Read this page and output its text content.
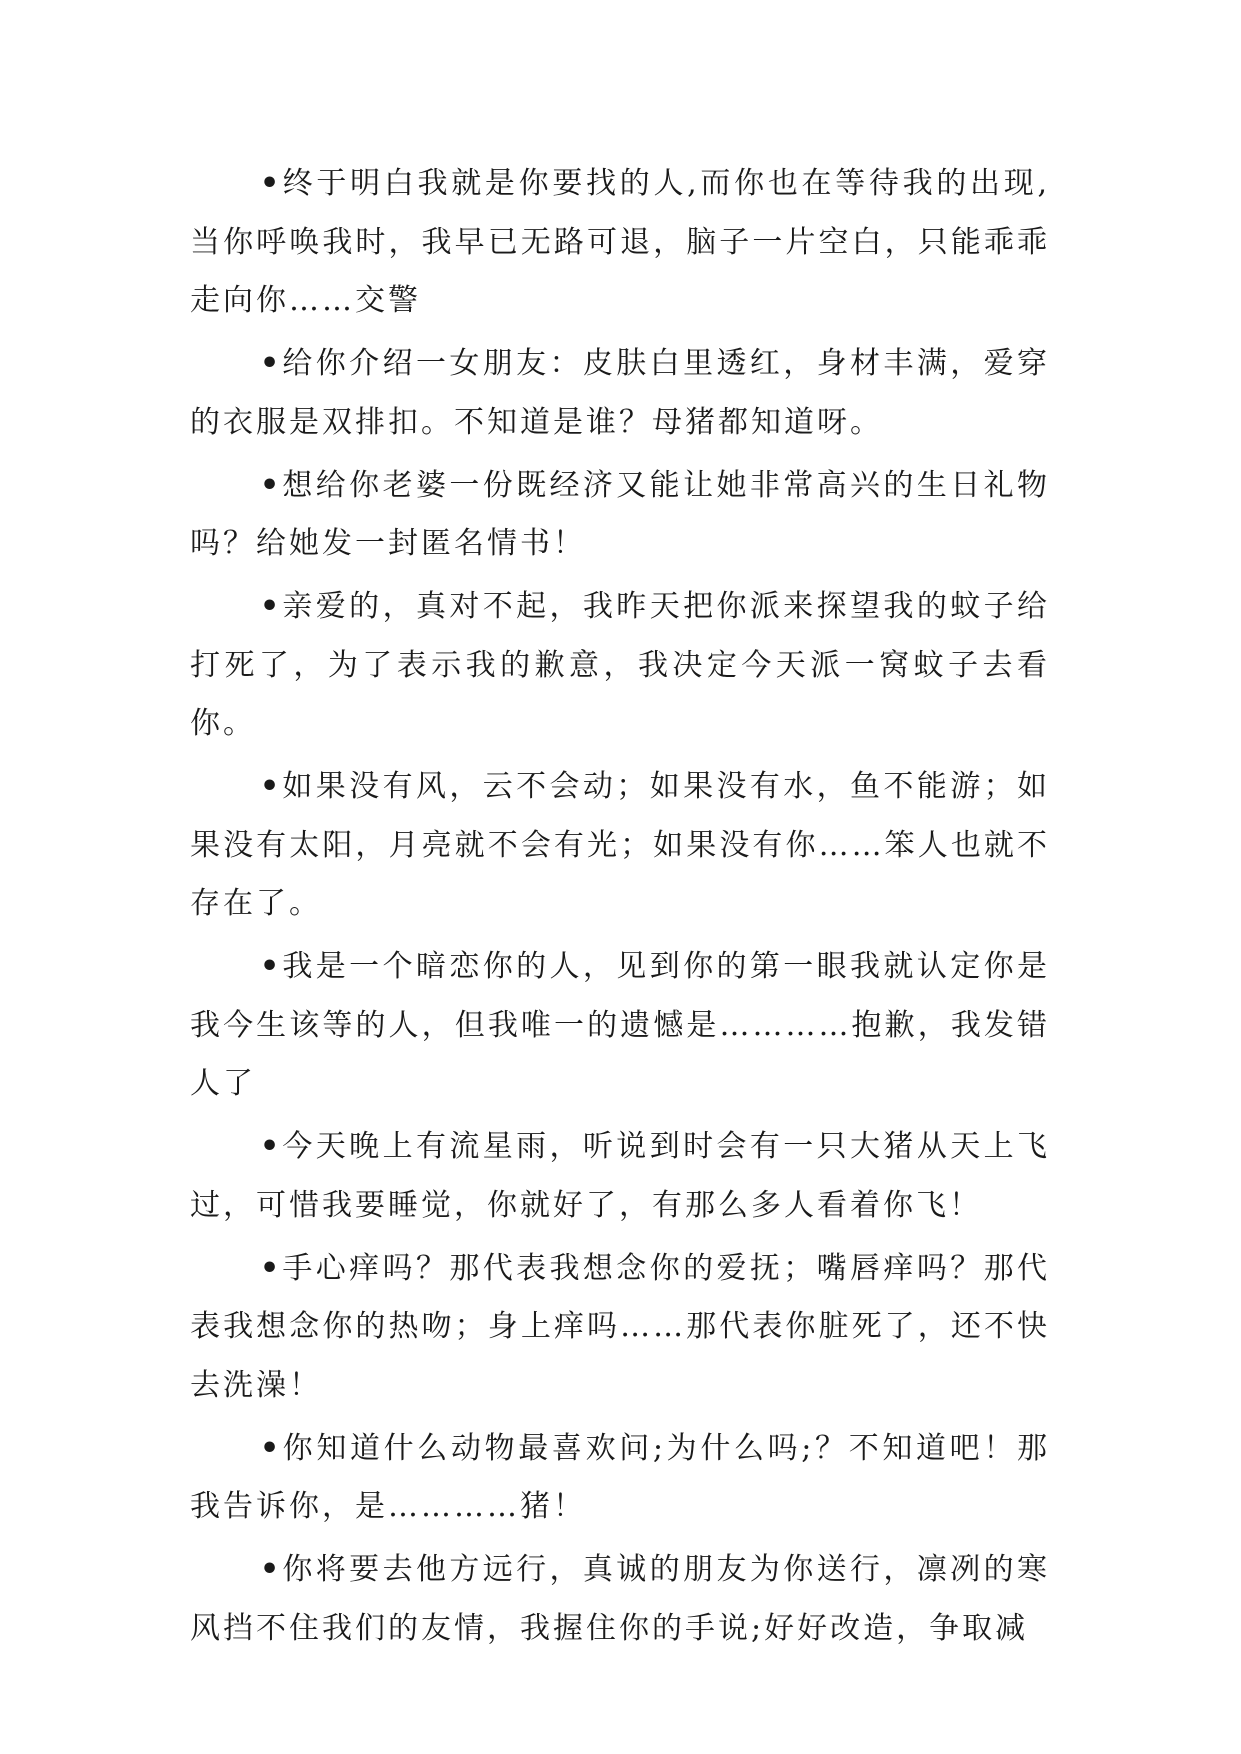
•终于明白我就是你要找的人,而你也在等待我的出现,当你呼唤我时，我早已无路可退，脑子一片空白，只能乖乖走向你……交警

•给你介绍一女朋友：皮肤白里透红，身材丰满，爱穿的衣服是双排扣。不知道是谁？母猪都知道呀。

•想给你老婆一份既经济又能让她非常高兴的生日礼物吗？给她发一封匿名情书！

•亲爱的，真对不起，我昨天把你派来探望我的蚊子给打死了，为了表示我的歉意，我决定今天派一窝蚊子去看你。

•如果没有风，云不会动；如果没有水，鱼不能游；如果没有太阳，月亮就不会有光；如果没有你……笨人也就不存在了。

•我是一个暗恋你的人，见到你的第一眼我就认定你是我今生该等的人，但我唯一的遗憾是…………抱歉，我发错人了

•今天晚上有流星雨，听说到时会有一只大猪从天上飞过，可惜我要睡觉，你就好了，有那么多人看着你飞！

•手心痒吗？那代表我想念你的爱抚；嘴唇痒吗？那代表我想念你的热吻；身上痒吗……那代表你脏死了，还不快去洗澡！

•你知道什么动物最喜欢问;为什么吗;？不知道吧！那我告诉你，是…………猪！

•你将要去他方远行，真诚的朋友为你送行，凛冽的寒风挡不住我们的友情，我握住你的手说;好好改造，争取减
